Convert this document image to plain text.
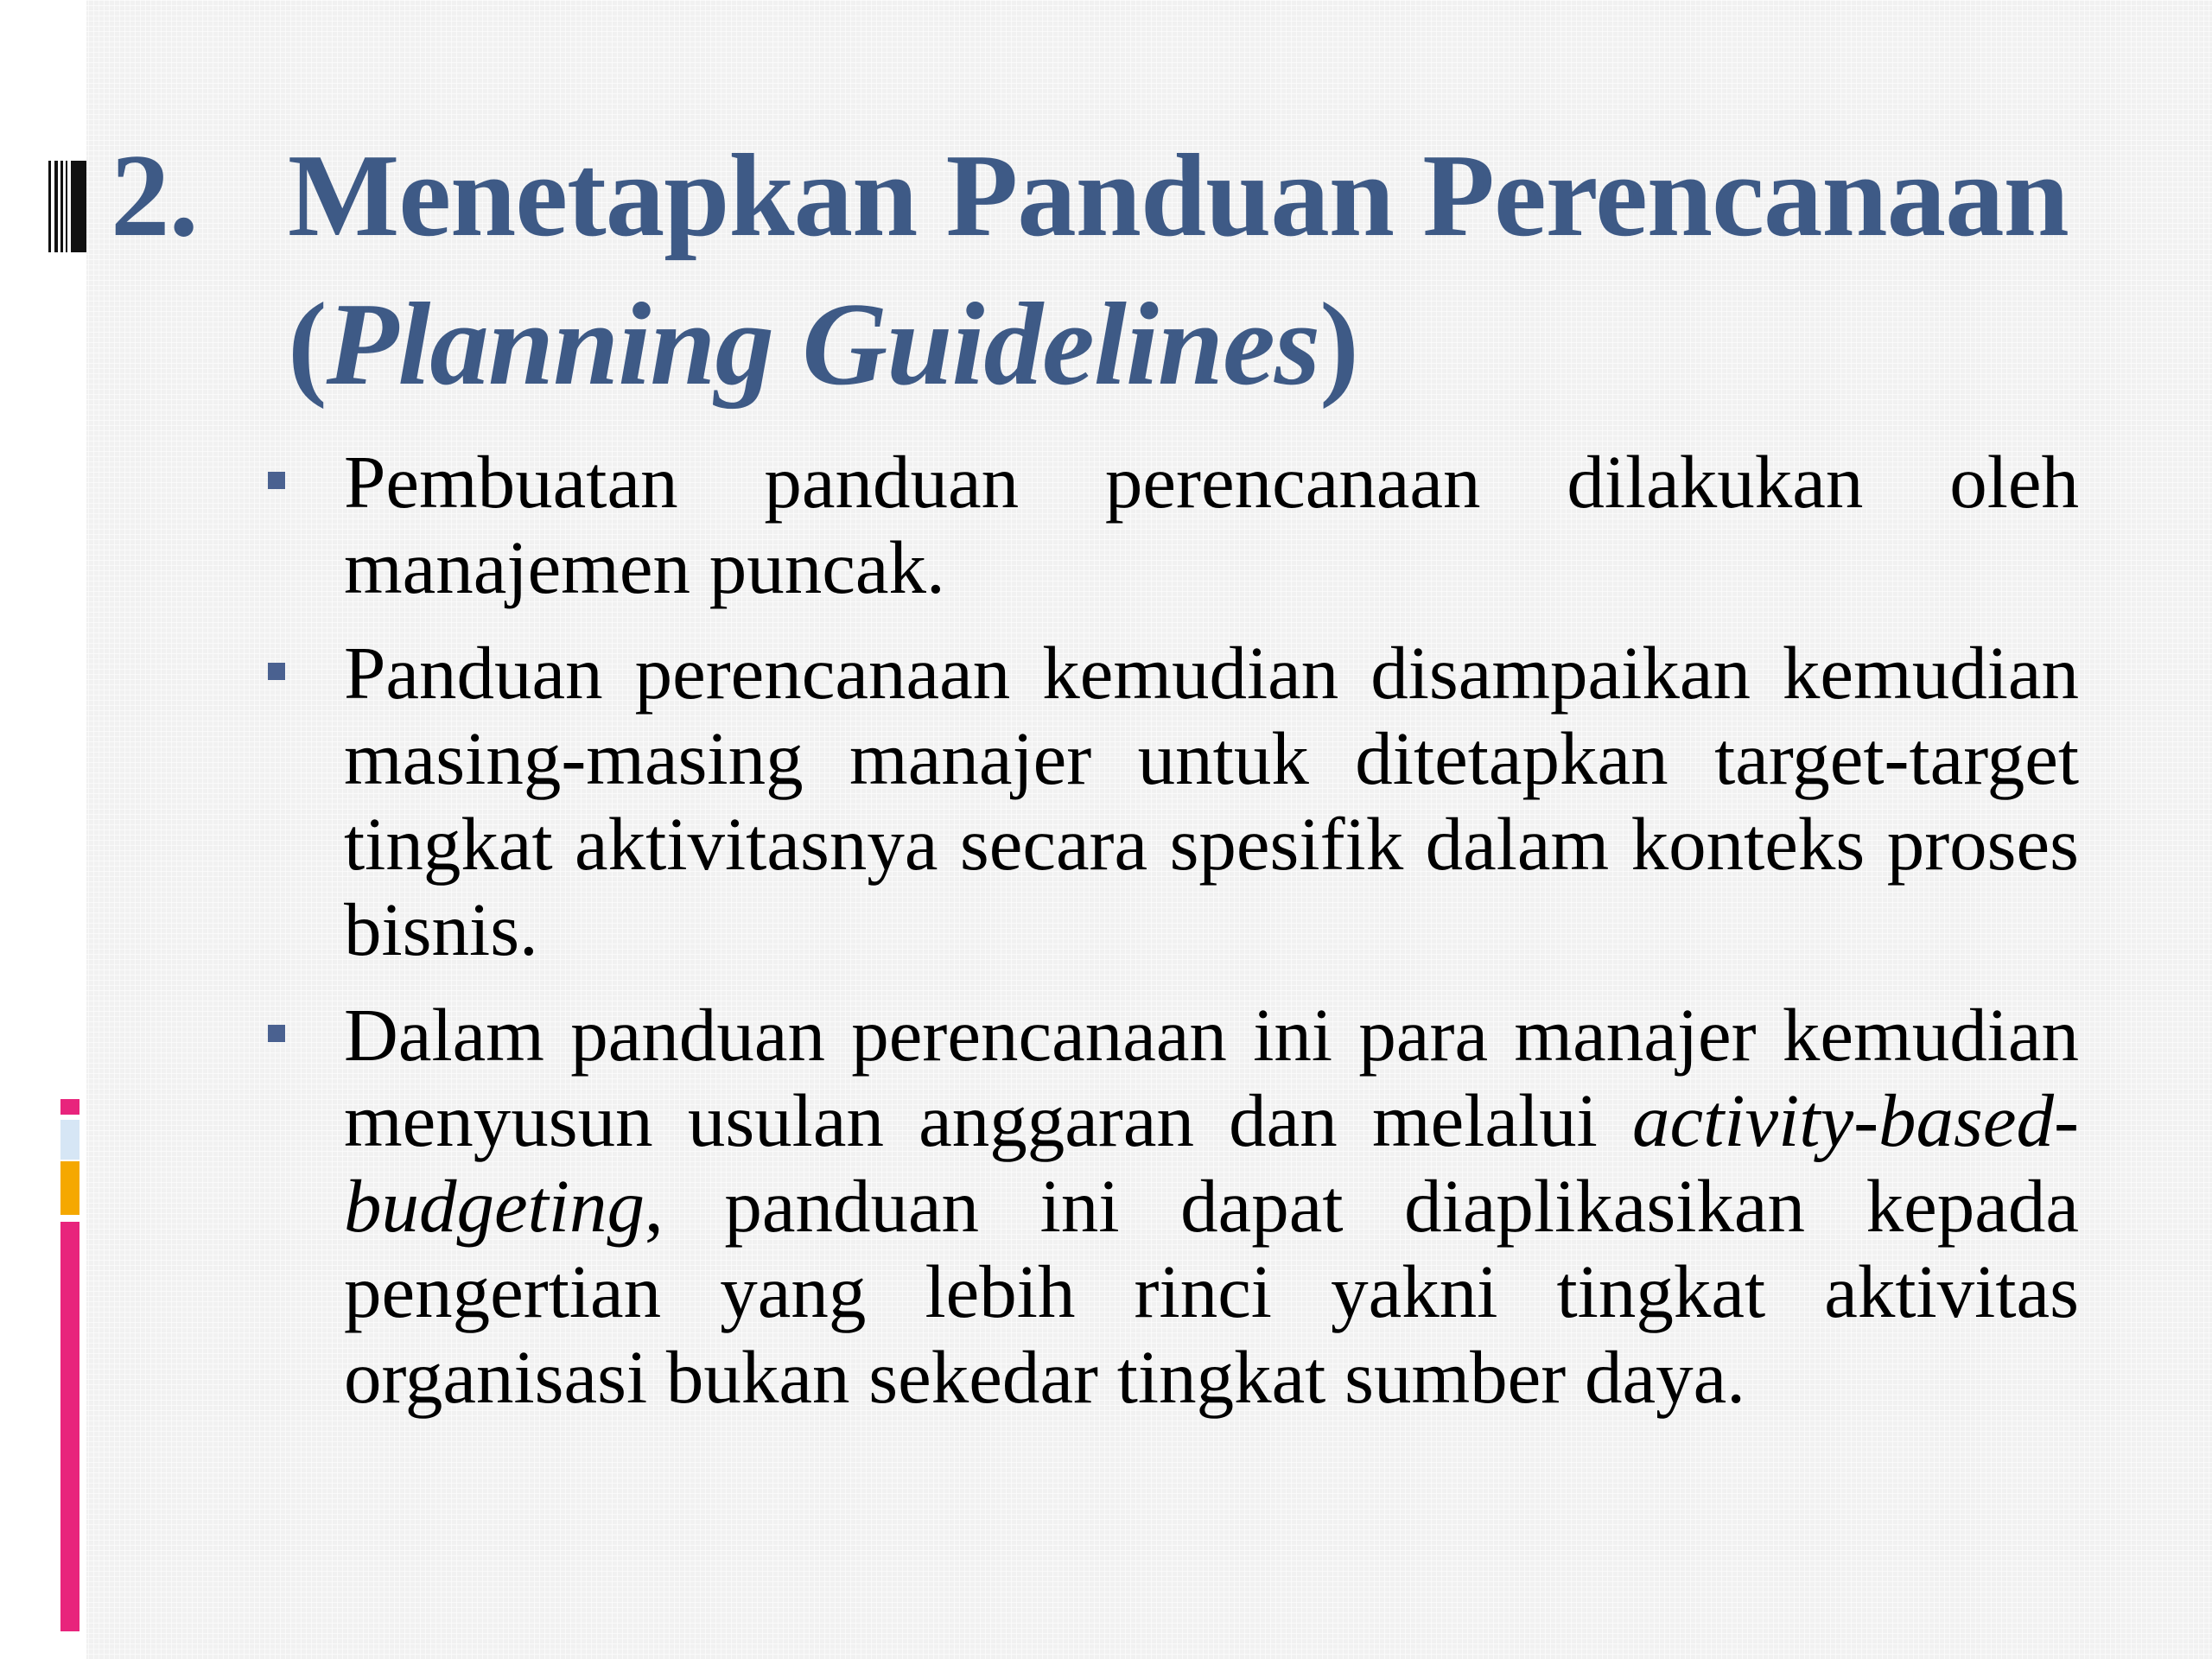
2. Menetapkan Panduan Perencanaan
(Planning Guidelines)
Pembuatan panduan perencanaan dilakukan oleh manajemen puncak.
Panduan perencanaan kemudian disampaikan kemudian masing-masing manajer untuk ditetapkan target-target tingkat aktivitasnya secara spesifik dalam konteks proses bisnis.
Dalam panduan perencanaan ini para manajer kemudian menyusun usulan anggaran dan melalui activity-based-budgeting, panduan ini dapat diaplikasikan kepada pengertian yang lebih rinci yakni tingkat aktivitas organisasi bukan sekedar tingkat sumber daya.
